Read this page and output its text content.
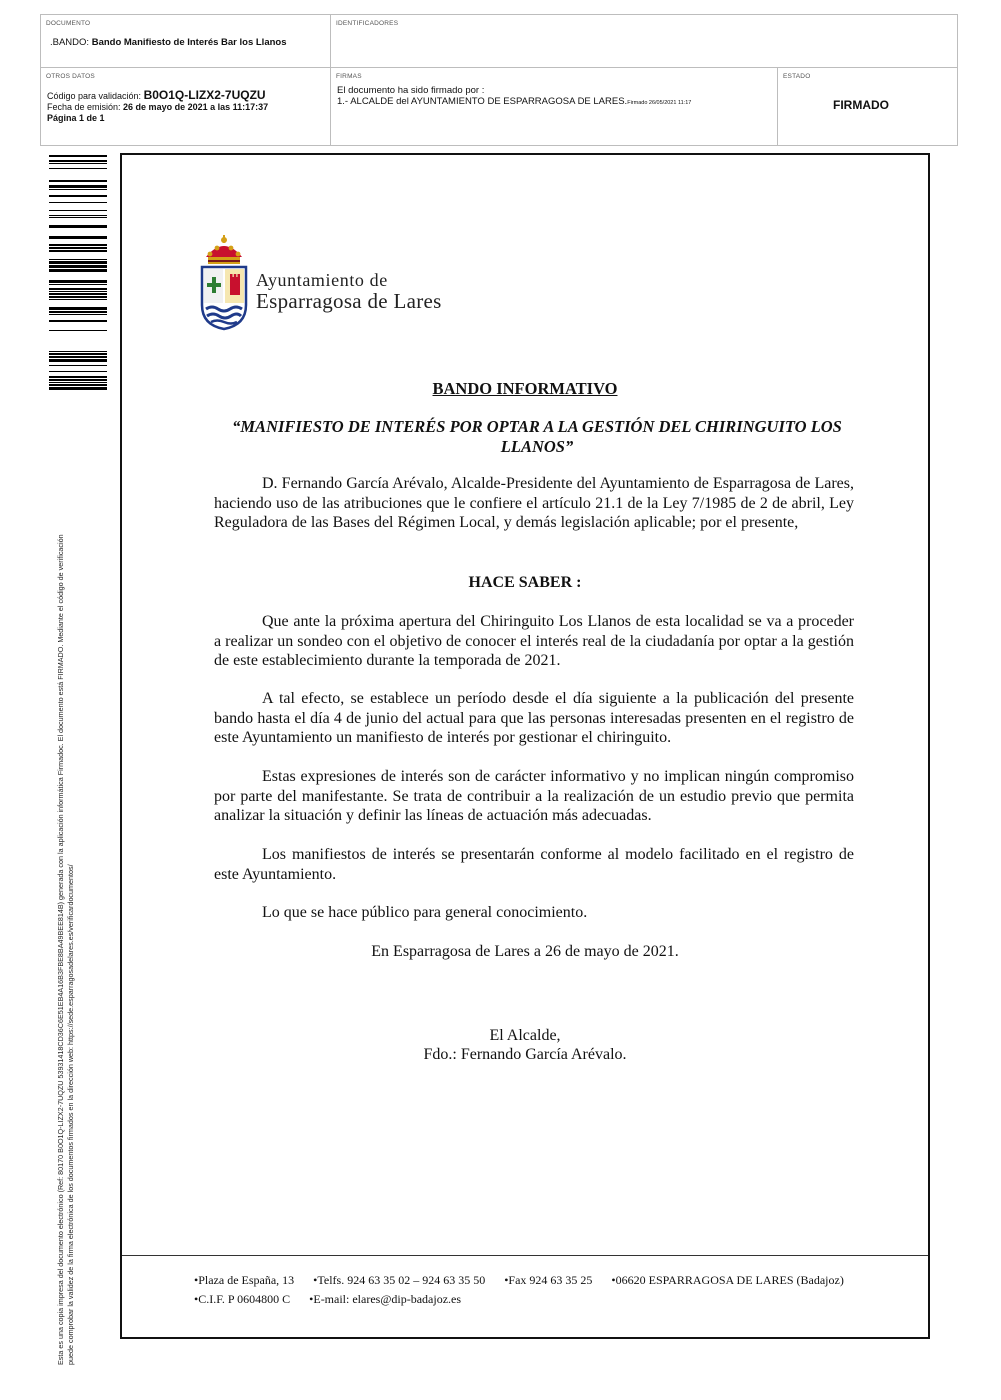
DOCUMENTO
.BANDO: Bando Manifiesto de Interés Bar los Llanos
IDENTIFICADORES
OTROS DATOS
Código para validación: B0O1Q-LIZX2-7UQZU
Fecha de emisión: 26 de mayo de 2021 a las 11:17:37
Página 1 de 1
FIRMAS
El documento ha sido firmado por :
1.- ALCALDE del AYUNTAMIENTO DE ESPARRAGOSA DE LARES.Firmado 26/05/2021 11:17
ESTADO
FIRMADO
Esta es una copia impresa del documento electrónico (Ref: 80170 B0O1Q-LIZX2-7UQZU 53931418CD36C6E51EB4A16B3FBE8BA49BEE814B) generada con la aplicación informática Firmadoc. El documento está FIRMADO. Mediante el código de verificación puede comprobar la validez de la firma electrónica de los documentos firmados en la dirección web: https://sede.esparragosadelares.es/verificardocumentos/
Ayuntamiento de
Esparragosa de Lares
BANDO INFORMATIVO
“MANIFIESTO DE INTERÉS POR OPTAR A LA GESTIÓN DEL CHIRINGUITO LOS LLANOS”
D. Fernando García Arévalo, Alcalde-Presidente del Ayuntamiento de Esparragosa de Lares, haciendo uso de las atribuciones que le confiere el artículo 21.1 de la Ley 7/1985 de 2 de abril, Ley Reguladora de las Bases del Régimen Local, y demás legislación aplicable; por el presente,
HACE SABER :
Que ante la próxima apertura del Chiringuito Los Llanos de esta localidad se va a proceder a realizar un sondeo con el objetivo de conocer el interés real de la ciudadanía por optar a la gestión de este establecimiento durante la temporada de 2021.
A tal efecto, se establece un período desde el día siguiente a la publicación del presente bando hasta el día 4 de junio del actual para que las personas interesadas presenten en el registro de este Ayuntamiento un manifiesto de interés por gestionar el chiringuito.
Estas expresiones de interés son de carácter informativo y no implican ningún compromiso por parte del manifestante. Se trata de contribuir a la realización de un estudio previo que permita analizar la situación y definir las líneas de actuación más adecuadas.
Los manifiestos de interés se presentarán conforme al modelo facilitado en el registro de este Ayuntamiento.
Lo que se hace público para general conocimiento.
En Esparragosa de Lares a 26 de mayo de 2021.
El Alcalde,
Fdo.: Fernando García Arévalo.
•Plaza de España, 13 •Telfs. 924 63 35 02 – 924 63 35 50 •Fax 924 63 35 25 •06620 ESPARRAGOSA DE LARES (Badajoz)
•C.I.F. P 0604800 C •E-mail: elares@dip-badajoz.es
